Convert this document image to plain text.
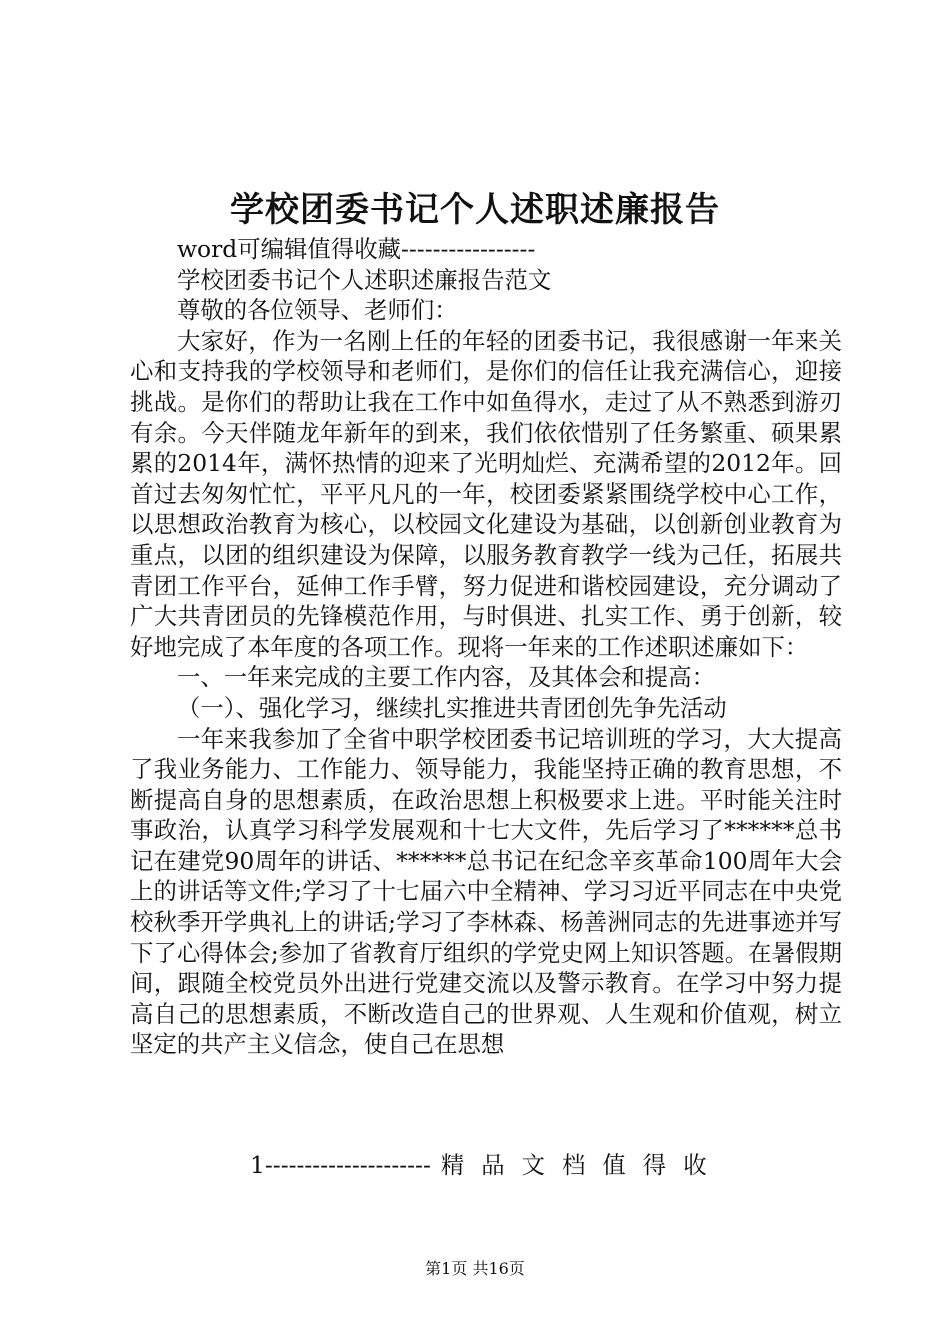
学校团委书记个人述职述廉报告

word可编辑值得收藏-----------------

学校团委书记个人述职述廉报告范文

尊敬的各位领导、老师们：

大家好，作为一名刚上任的年轻的团委书记，我很感谢一年来关心和支持我的学校领导和老师们，是你们的信任让我充满信心，迎接挑战。是你们的帮助让我在工作中如鱼得水，走过了从不熟悉到游刃有余。今天伴随龙年新年的到来，我们依依惜别了任务繁重、硕果累累的2014年，满怀热情的迎来了光明灿烂、充满希望的2012年。回首过去匆匆忙忙，平平凡凡的一年，校团委紧紧围绕学校中心工作，以思想政治教育为核心，以校园文化建设为基础，以创新创业教育为重点，以团的组织建设为保障，以服务教育教学一线为己任，拓展共青团工作平台，延伸工作手臂，努力促进和谐校园建设，充分调动了广大共青团员的先锋模范作用，与时俱进、扎实工作、勇于创新，较好地完成了本年度的各项工作。现将一年来的工作述职述廉如下：

一、一年来完成的主要工作内容，及其体会和提高：

（一）、强化学习，继续扎实推进共青团创先争先活动

一年来我参加了全省中职学校团委书记培训班的学习，大大提高了我业务能力、工作能力、领导能力，我能坚持正确的教育思想，不断提高自身的思想素质，在政治思想上积极要求上进。平时能关注时事政治，认真学习科学发展观和十七大文件，先后学习了******总书记在建党90周年的讲话、******总书记在纪念辛亥革命100周年大会上的讲话等文件;学习了十七届六中全精神、学习习近平同志在中央党校秋季开学典礼上的讲话;学习了李林森、杨善洲同志的先进事迹并写下了心得体会;参加了省教育厅组织的学党史网上知识答题。在暑假期间，跟随全校党员外出进行党建交流以及警示教育。在学习中努力提高自己的思想素质，不断改造自己的世界观、人生观和价值观，树立坚定的共产主义信念，使自己在思想

1--------------------- 精品文档值得收
第1页 共16页
